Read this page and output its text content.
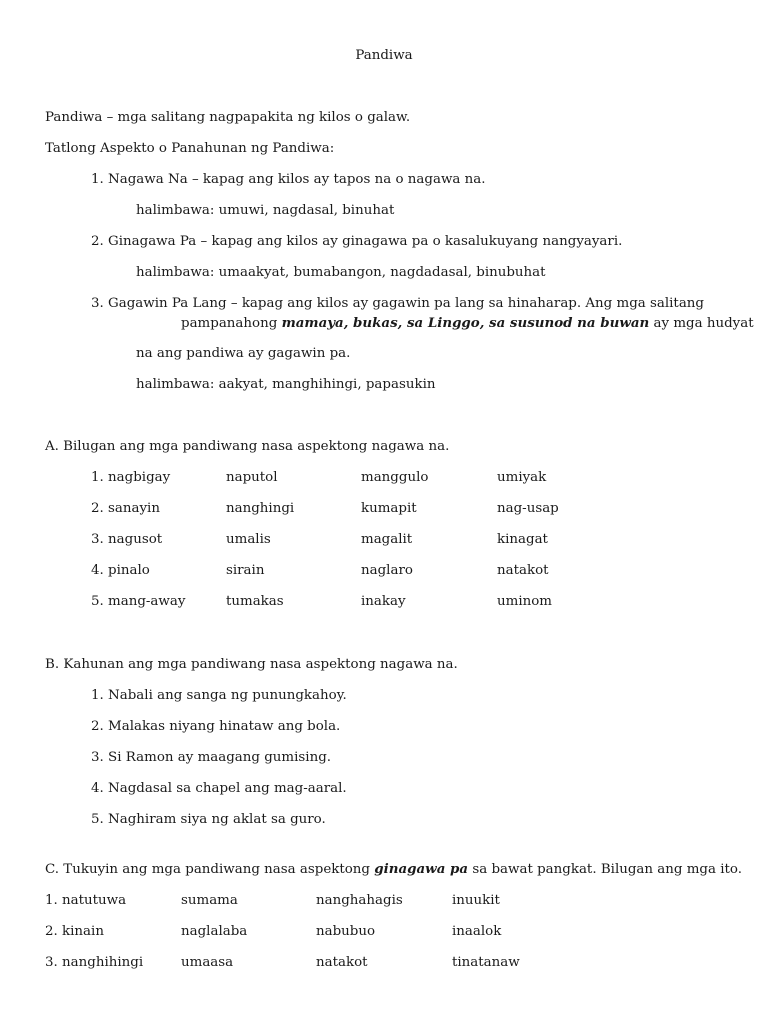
Pandiwa
Pandiwa – mga salitang nagpapakita ng kilos o galaw.
Tatlong Aspekto o Panahunan ng Pandiwa:
1. Nagawa Na – kapag ang kilos ay tapos na o nagawa na.
halimbawa: umuwi, nagdasal, binuhat
2. Ginagawa Pa – kapag ang kilos ay ginagawa pa o kasalukuyang nangyayari.
halimbawa: umaakyat, bumabangon, nagdadasal, binubuhat
3. Gagawin Pa Lang – kapag ang kilos ay gagawin pa lang sa hinaharap. Ang mga salitang
pampanahong mamaya, bukas, sa Linggo, sa susunod na buwan ay mga hudyat
na ang pandiwa ay gagawin pa.
halimbawa: aakyat, manghihingi, papasukin
A. Bilugan ang mga pandiwang nasa aspektong nagawa na.
1. nagbigay	naputol	manggulo	umiyak
2. sanayin	nanghingi	kumapit	nag-usap
3. nagusot	umalis	magalit	kinagat
4. pinalo	sirain	naglaro	natakot
5. mang-away	tumakas	inakay	uminom
B. Kahunan ang mga pandiwang nasa aspektong nagawa na.
1. Nabali ang sanga ng punungkahoy.
2. Malakas niyang hinataw ang bola.
3. Si Ramon ay maagang gumising.
4. Nagdasal sa chapel ang mag-aaral.
5. Naghiram siya ng aklat sa guro.
C. Tukuyin ang mga pandiwang nasa aspektong ginagawa pa sa bawat pangkat. Bilugan ang mga ito.
1. natutuwa	sumama	nanghahagis	inuukit
2. kinain	naglalaba	nabubuo	inaalok
3. nanghihingi	umaasa	natakot	tinatanaw
